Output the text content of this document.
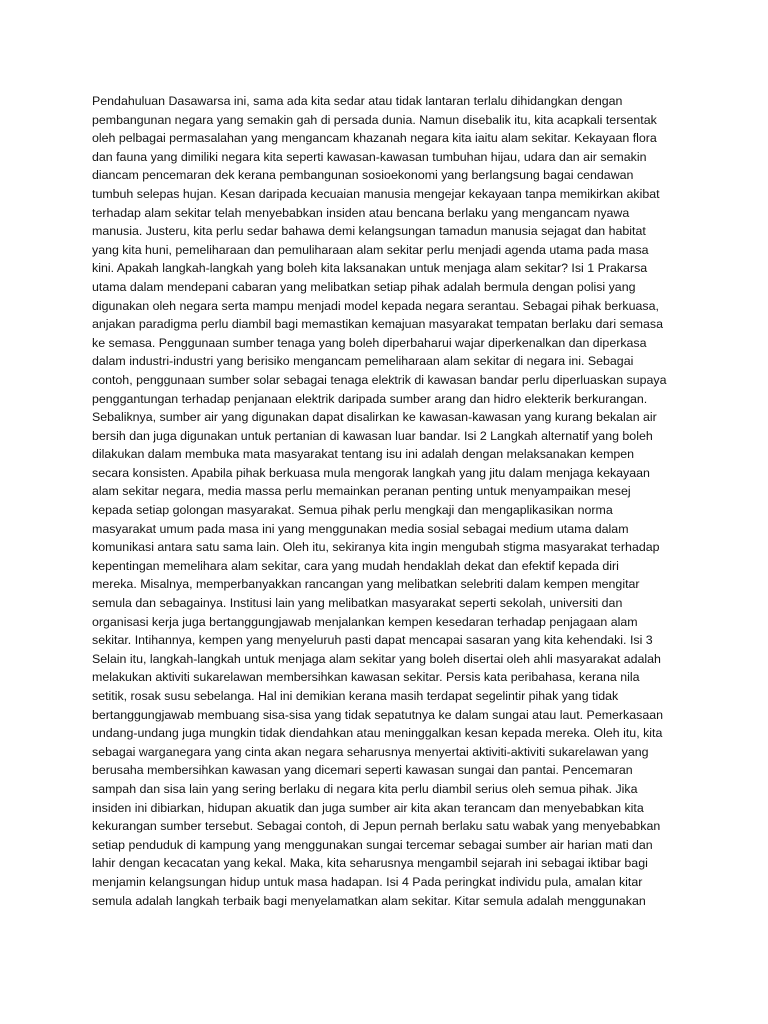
Pendahuluan Dasawarsa ini, sama ada kita sedar atau tidak lantaran terlalu dihidangkan dengan
pembangunan negara yang semakin gah di persada dunia. Namun disebalik itu, kita acapkali tersentak
oleh pelbagai permasalahan yang mengancam khazanah negara kita iaitu alam sekitar. Kekayaan flora
dan fauna yang dimiliki negara kita seperti kawasan-kawasan tumbuhan hijau, udara dan air semakin
diancam pencemaran dek kerana pembangunan sosioekonomi yang berlangsung bagai cendawan
tumbuh selepas hujan. Kesan daripada kecuaian manusia mengejar kekayaan tanpa memikirkan akibat
terhadap alam sekitar telah menyebabkan insiden atau bencana berlaku yang mengancam nyawa
manusia. Justeru, kita perlu sedar bahawa demi kelangsungan tamadun manusia sejagat dan habitat
yang kita huni, pemeliharaan dan pemuliharaan alam sekitar perlu menjadi agenda utama pada masa
kini. Apakah langkah-langkah yang boleh kita laksanakan untuk menjaga alam sekitar? Isi 1 Prakarsa
utama dalam mendepani cabaran yang melibatkan setiap pihak adalah bermula dengan polisi yang
digunakan oleh negara serta mampu menjadi model kepada negara serantau. Sebagai pihak berkuasa,
anjakan paradigma perlu diambil bagi memastikan kemajuan masyarakat tempatan berlaku dari semasa
ke semasa. Penggunaan sumber tenaga yang boleh diperbaharui wajar diperkenalkan dan diperkasa
dalam industri-industri yang berisiko mengancam pemeliharaan alam sekitar di negara ini. Sebagai
contoh, penggunaan sumber solar sebagai tenaga elektrik di kawasan bandar perlu diperluaskan supaya
penggantungan terhadap penjanaan elektrik daripada sumber arang dan hidro elekterik berkurangan.
Sebaliknya, sumber air yang digunakan dapat disalirkan ke kawasan-kawasan yang kurang bekalan air
bersih dan juga digunakan untuk pertanian di kawasan luar bandar. Isi 2 Langkah alternatif yang boleh
dilakukan dalam membuka mata masyarakat tentang isu ini adalah dengan melaksanakan kempen
secara konsisten. Apabila pihak berkuasa mula mengorak langkah yang jitu dalam menjaga kekayaan
alam sekitar negara, media massa perlu memainkan peranan penting untuk menyampaikan mesej
kepada setiap golongan masyarakat. Semua pihak perlu mengkaji dan mengaplikasikan norma
masyarakat umum pada masa ini yang menggunakan media sosial sebagai medium utama dalam
komunikasi antara satu sama lain. Oleh itu, sekiranya kita ingin mengubah stigma masyarakat terhadap
kepentingan memelihara alam sekitar, cara yang mudah hendaklah dekat dan efektif kepada diri
mereka. Misalnya, memperbanyakkan rancangan yang melibatkan selebriti dalam kempen mengitar
semula dan sebagainya. Institusi lain yang melibatkan masyarakat seperti sekolah, universiti dan
organisasi kerja juga bertanggungjawab menjalankan kempen kesedaran terhadap penjagaan alam
sekitar. Intihannya, kempen yang menyeluruh pasti dapat mencapai sasaran yang kita kehendaki. Isi 3
Selain itu, langkah-langkah untuk menjaga alam sekitar yang boleh disertai oleh ahli masyarakat adalah
melakukan aktiviti sukarelawan membersihkan kawasan sekitar. Persis kata peribahasa, kerana nila
setitik, rosak susu sebelanga. Hal ini demikian kerana masih terdapat segelintir pihak yang tidak
bertanggungjawab membuang sisa-sisa yang tidak sepatutnya ke dalam sungai atau laut. Pemerkasaan
undang-undang juga mungkin tidak diendahkan atau meninggalkan kesan kepada mereka. Oleh itu, kita
sebagai warganegara yang cinta akan negara seharusnya menyertai aktiviti-aktiviti sukarelawan yang
berusaha membersihkan kawasan yang dicemari seperti kawasan sungai dan pantai. Pencemaran
sampah dan sisa lain yang sering berlaku di negara kita perlu diambil serius oleh semua pihak. Jika
insiden ini dibiarkan, hidupan akuatik dan juga sumber air kita akan terancam dan menyebabkan kita
kekurangan sumber tersebut. Sebagai contoh, di Jepun pernah berlaku satu wabak yang menyebabkan
setiap penduduk di kampung yang menggunakan sungai tercemar sebagai sumber air harian mati dan
lahir dengan kecacatan yang kekal. Maka, kita seharusnya mengambil sejarah ini sebagai iktibar bagi
menjamin kelangsungan hidup untuk masa hadapan. Isi 4 Pada peringkat individu pula, amalan kitar
semula adalah langkah terbaik bagi menyelamatkan alam sekitar. Kitar semula adalah menggunakan
